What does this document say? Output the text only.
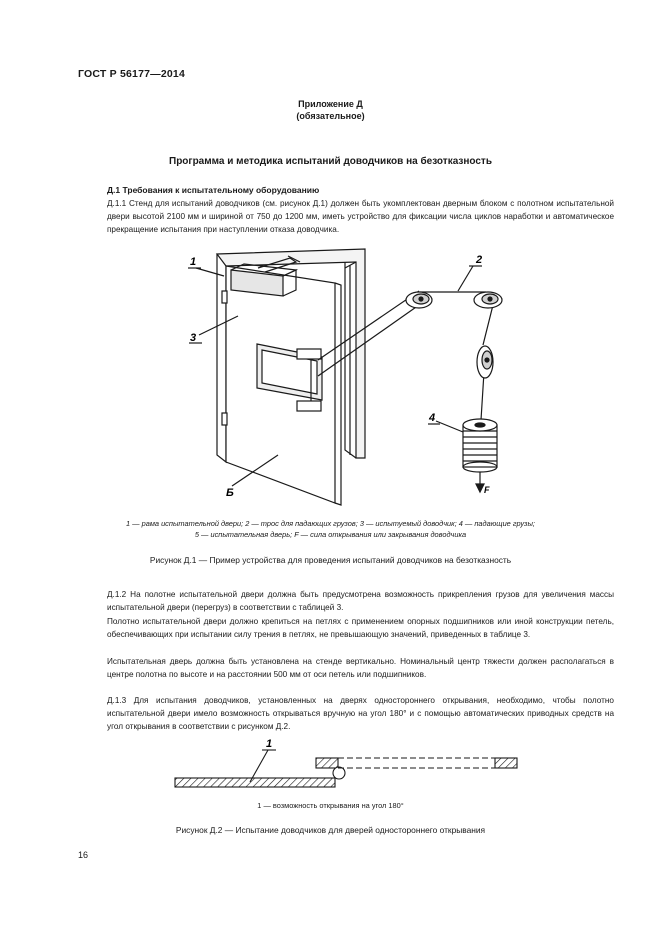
ГОСТ Р 56177—2014
Приложение Д
(обязательное)
Программа и методика испытаний доводчиков на безотказность
Д.1 Требования к испытательному оборудованию
Д.1.1 Стенд для испытаний доводчиков (см. рисунок Д.1) должен быть укомплектован дверным блоком с полотном испытательной двери высотой 2100 мм и шириной от 750 до 1200 мм, иметь устройство для фиксации числа циклов наработки и автоматическое прекращение испытания при наступлении отказа доводчика.
1	2
3
4
Б	F
1 — рама испытательной двери; 2 — трос для падающих грузов; 3 — испытуемый доводчик; 4 — падающие грузы;
5 — испытательная дверь; F — сила открывания или закрывания доводчика
Рисунок Д.1 — Пример устройства для проведения испытаний доводчиков на безотказность
Д.1.2 На полотне испытательной двери должна быть предусмотрена возможность прикрепления грузов для увеличения массы испытательной двери (перегруз) в соответствии с таблицей 3.
Полотно испытательной двери должно крепиться на петлях с применением опорных подшипников или иной конструкции петель, обеспечивающих при испытании силу трения в петлях, не превышающую значений, приведенных в таблице 3.
Испытательная дверь должна быть установлена на стенде вертикально. Номинальный центр тяжести должен располагаться в центре полотна по высоте и на расстоянии 500 мм от оси петель или подшипников.
Д.1.3 Для испытания доводчиков, установленных на дверях одностороннего открывания, необходимо, чтобы полотно испытательной двери имело возможность открываться вручную на угол 180° и с помощью автоматических приводных средств на угол открывания в соответствии с рисунком Д.2.
1
1 — возможность открывания на угол 180°
Рисунок Д.2 — Испытание доводчиков для дверей одностороннего открывания
16
